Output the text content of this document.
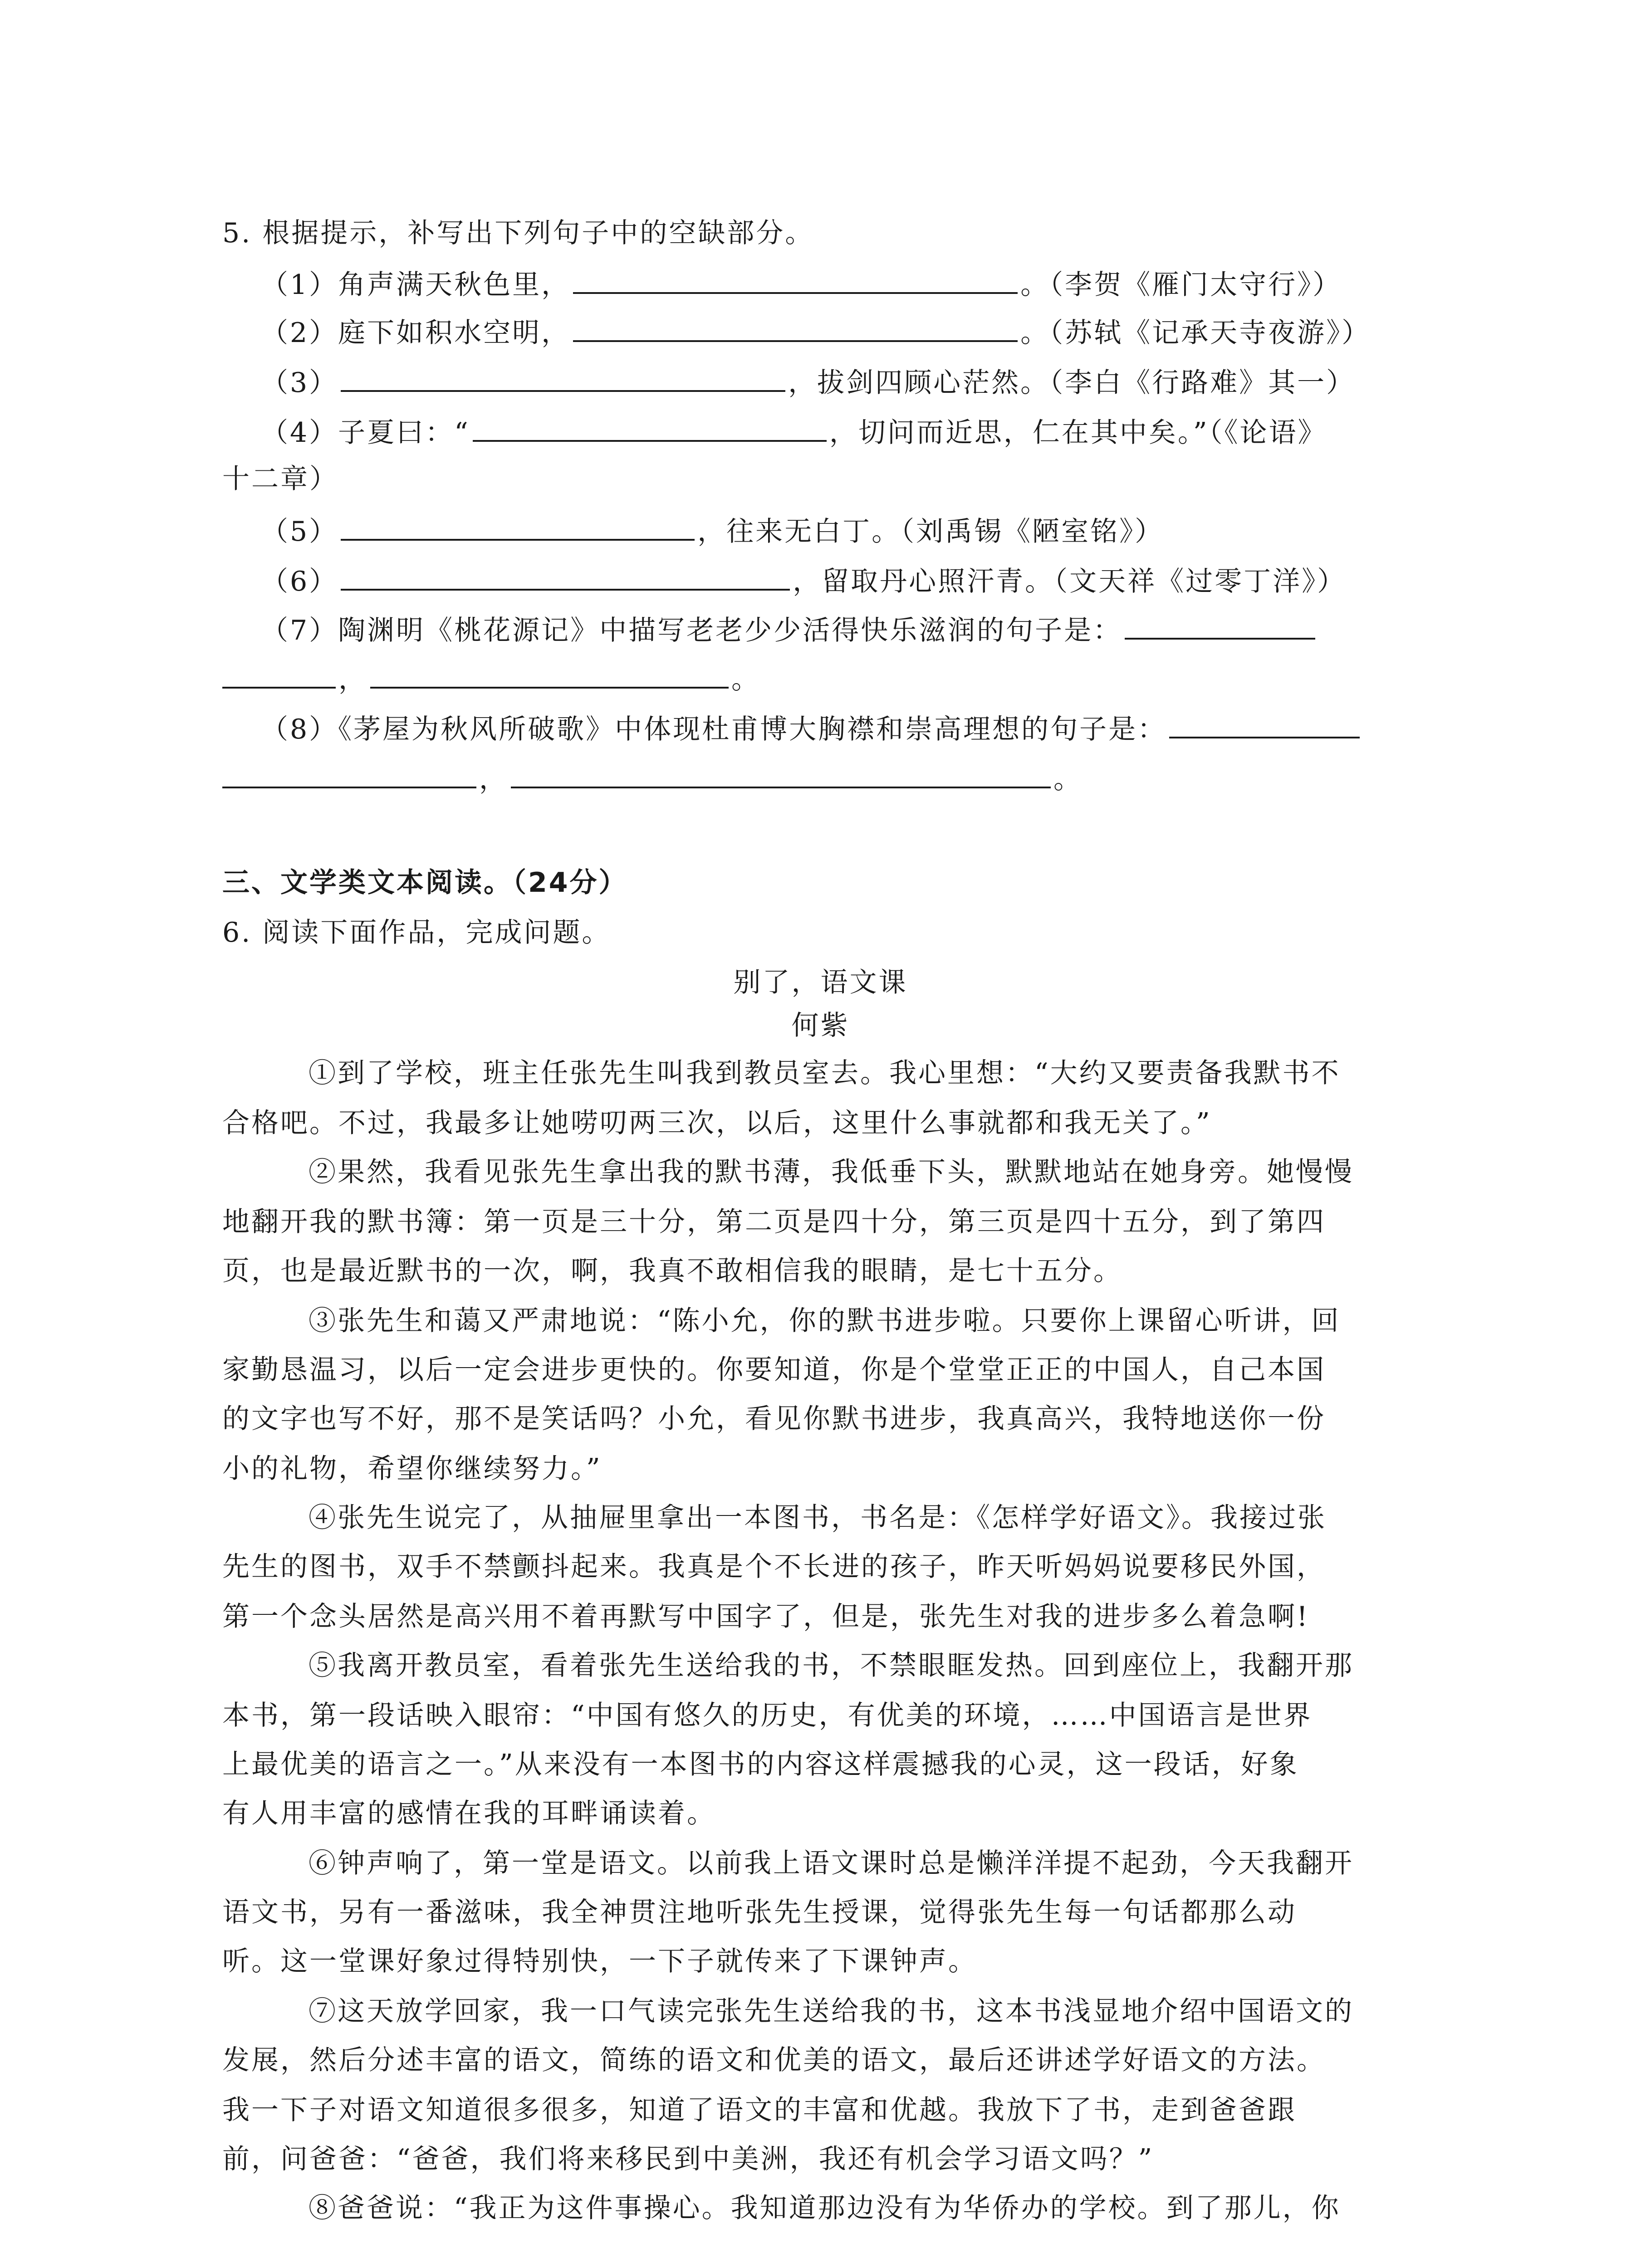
5. 根据提示，补写出下列句子中的空缺部分。
（1）角声满天秋色里，	。（李贺《雁门太守行》）
（2）庭下如积水空明，	。（苏轼《记承天寺夜游》）
（3）	，拔剑四顾心茫然。（李白《行路难》其一）
（4）子夏曰：“	，切问而近思，仁在其中矣。”（《论语》
十二章）
（5）	，往来无白丁。（刘禹锡《陋室铭》）
（6）	，留取丹心照汗青。（文天祥《过零丁洋》）
（7）陶渊明《桃花源记》中描写老老少少活得快乐滋润的句子是：
，	。
（8）《茅屋为秋风所破歌》中体现杜甫博大胸襟和崇高理想的句子是：
，	。
三、文学类文本阅读。（24分）
6. 阅读下面作品，完成问题。
别了，语文课
何紫
①到了学校，班主任张先生叫我到教员室去。我心里想：“大约又要责备我默书不
合格吧。不过，我最多让她唠叨两三次，以后，这里什么事就都和我无关了。”
②果然，我看见张先生拿出我的默书薄，我低垂下头，默默地站在她身旁。她慢慢
地翻开我的默书簿：第一页是三十分，第二页是四十分，第三页是四十五分，到了第四
页，也是最近默书的一次，啊，我真不敢相信我的眼睛，是七十五分。
③张先生和蔼又严肃地说：“陈小允，你的默书进步啦。只要你上课留心听讲，回
家勤恳温习，以后一定会进步更快的。你要知道，你是个堂堂正正的中国人，自己本国
的文字也写不好，那不是笑话吗？小允，看见你默书进步，我真高兴，我特地送你一份
小的礼物，希望你继续努力。”
④张先生说完了，从抽屉里拿出一本图书，书名是：《怎样学好语文》。我接过张
先生的图书，双手不禁颤抖起来。我真是个不长进的孩子，昨天听妈妈说要移民外国，
第一个念头居然是高兴用不着再默写中国字了，但是，张先生对我的进步多么着急啊!
⑤我离开教员室，看着张先生送给我的书，不禁眼眶发热。回到座位上，我翻开那
本书，第一段话映入眼帘：“中国有悠久的历史，有优美的环境，……中国语言是世界
上最优美的语言之一。”从来没有一本图书的内容这样震撼我的心灵，这一段话，好象
有人用丰富的感情在我的耳畔诵读着。
⑥钟声响了，第一堂是语文。以前我上语文课时总是懒洋洋提不起劲，今天我翻开
语文书，另有一番滋味，我全神贯注地听张先生授课，觉得张先生每一句话都那么动
听。这一堂课好象过得特别快，一下子就传来了下课钟声。
⑦这天放学回家，我一口气读完张先生送给我的书，这本书浅显地介绍中国语文的
发展，然后分述丰富的语文，简练的语文和优美的语文，最后还讲述学好语文的方法。
我一下子对语文知道很多很多，知道了语文的丰富和优越。我放下了书，走到爸爸跟
前，问爸爸：“爸爸，我们将来移民到中美洲，我还有机会学习语文吗？”
⑧爸爸说：“我正为这件事操心。我知道那边没有为华侨办的学校。到了那儿，你
